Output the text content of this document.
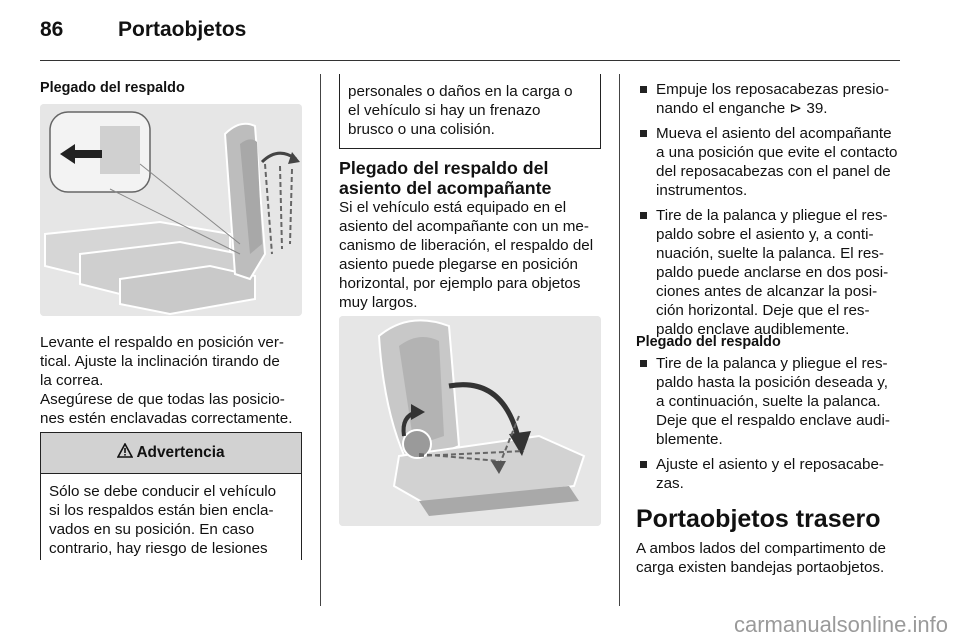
86	Portaobjetos
Plegado del respaldo
Levante el respaldo en posición ver-
tical. Ajuste la inclinación tirando de
la correa.
Asegúrese de que todas las posicio-
nes estén enclavadas correctamente.
Advertencia
Sólo se debe conducir el vehículo
si los respaldos están bien encla-
vados en su posición. En caso
contrario, hay riesgo de lesiones
personales o daños en la carga o
el vehículo si hay un frenazo
brusco o una colisión.
Plegado del respaldo del
asiento del acompañante
Si el vehículo está equipado en el
asiento del acompañante con un me-
canismo de liberación, el respaldo del
asiento puede plegarse en posición
horizontal, por ejemplo para objetos
muy largos.
Empuje los reposacabezas presio-
nando el enganche ⊳ 39.
Mueva el asiento del acompañante
a una posición que evite el contacto
del reposacabezas con el panel de
instrumentos.
Tire de la palanca y pliegue el res-
paldo sobre el asiento y, a conti-
nuación, suelte la palanca. El res-
paldo puede anclarse en dos posi-
ciones antes de alcanzar la posi-
ción horizontal. Deje que el res-
paldo enclave audiblemente.
Plegado del respaldo
Tire de la palanca y pliegue el res-
paldo hasta la posición deseada y,
a continuación, suelte la palanca.
Deje que el respaldo enclave audi-
blemente.
Ajuste el asiento y el reposacabe-
zas.
Portaobjetos trasero
A ambos lados del compartimento de
carga existen bandejas portaobjetos.
carmanualsonline.info
